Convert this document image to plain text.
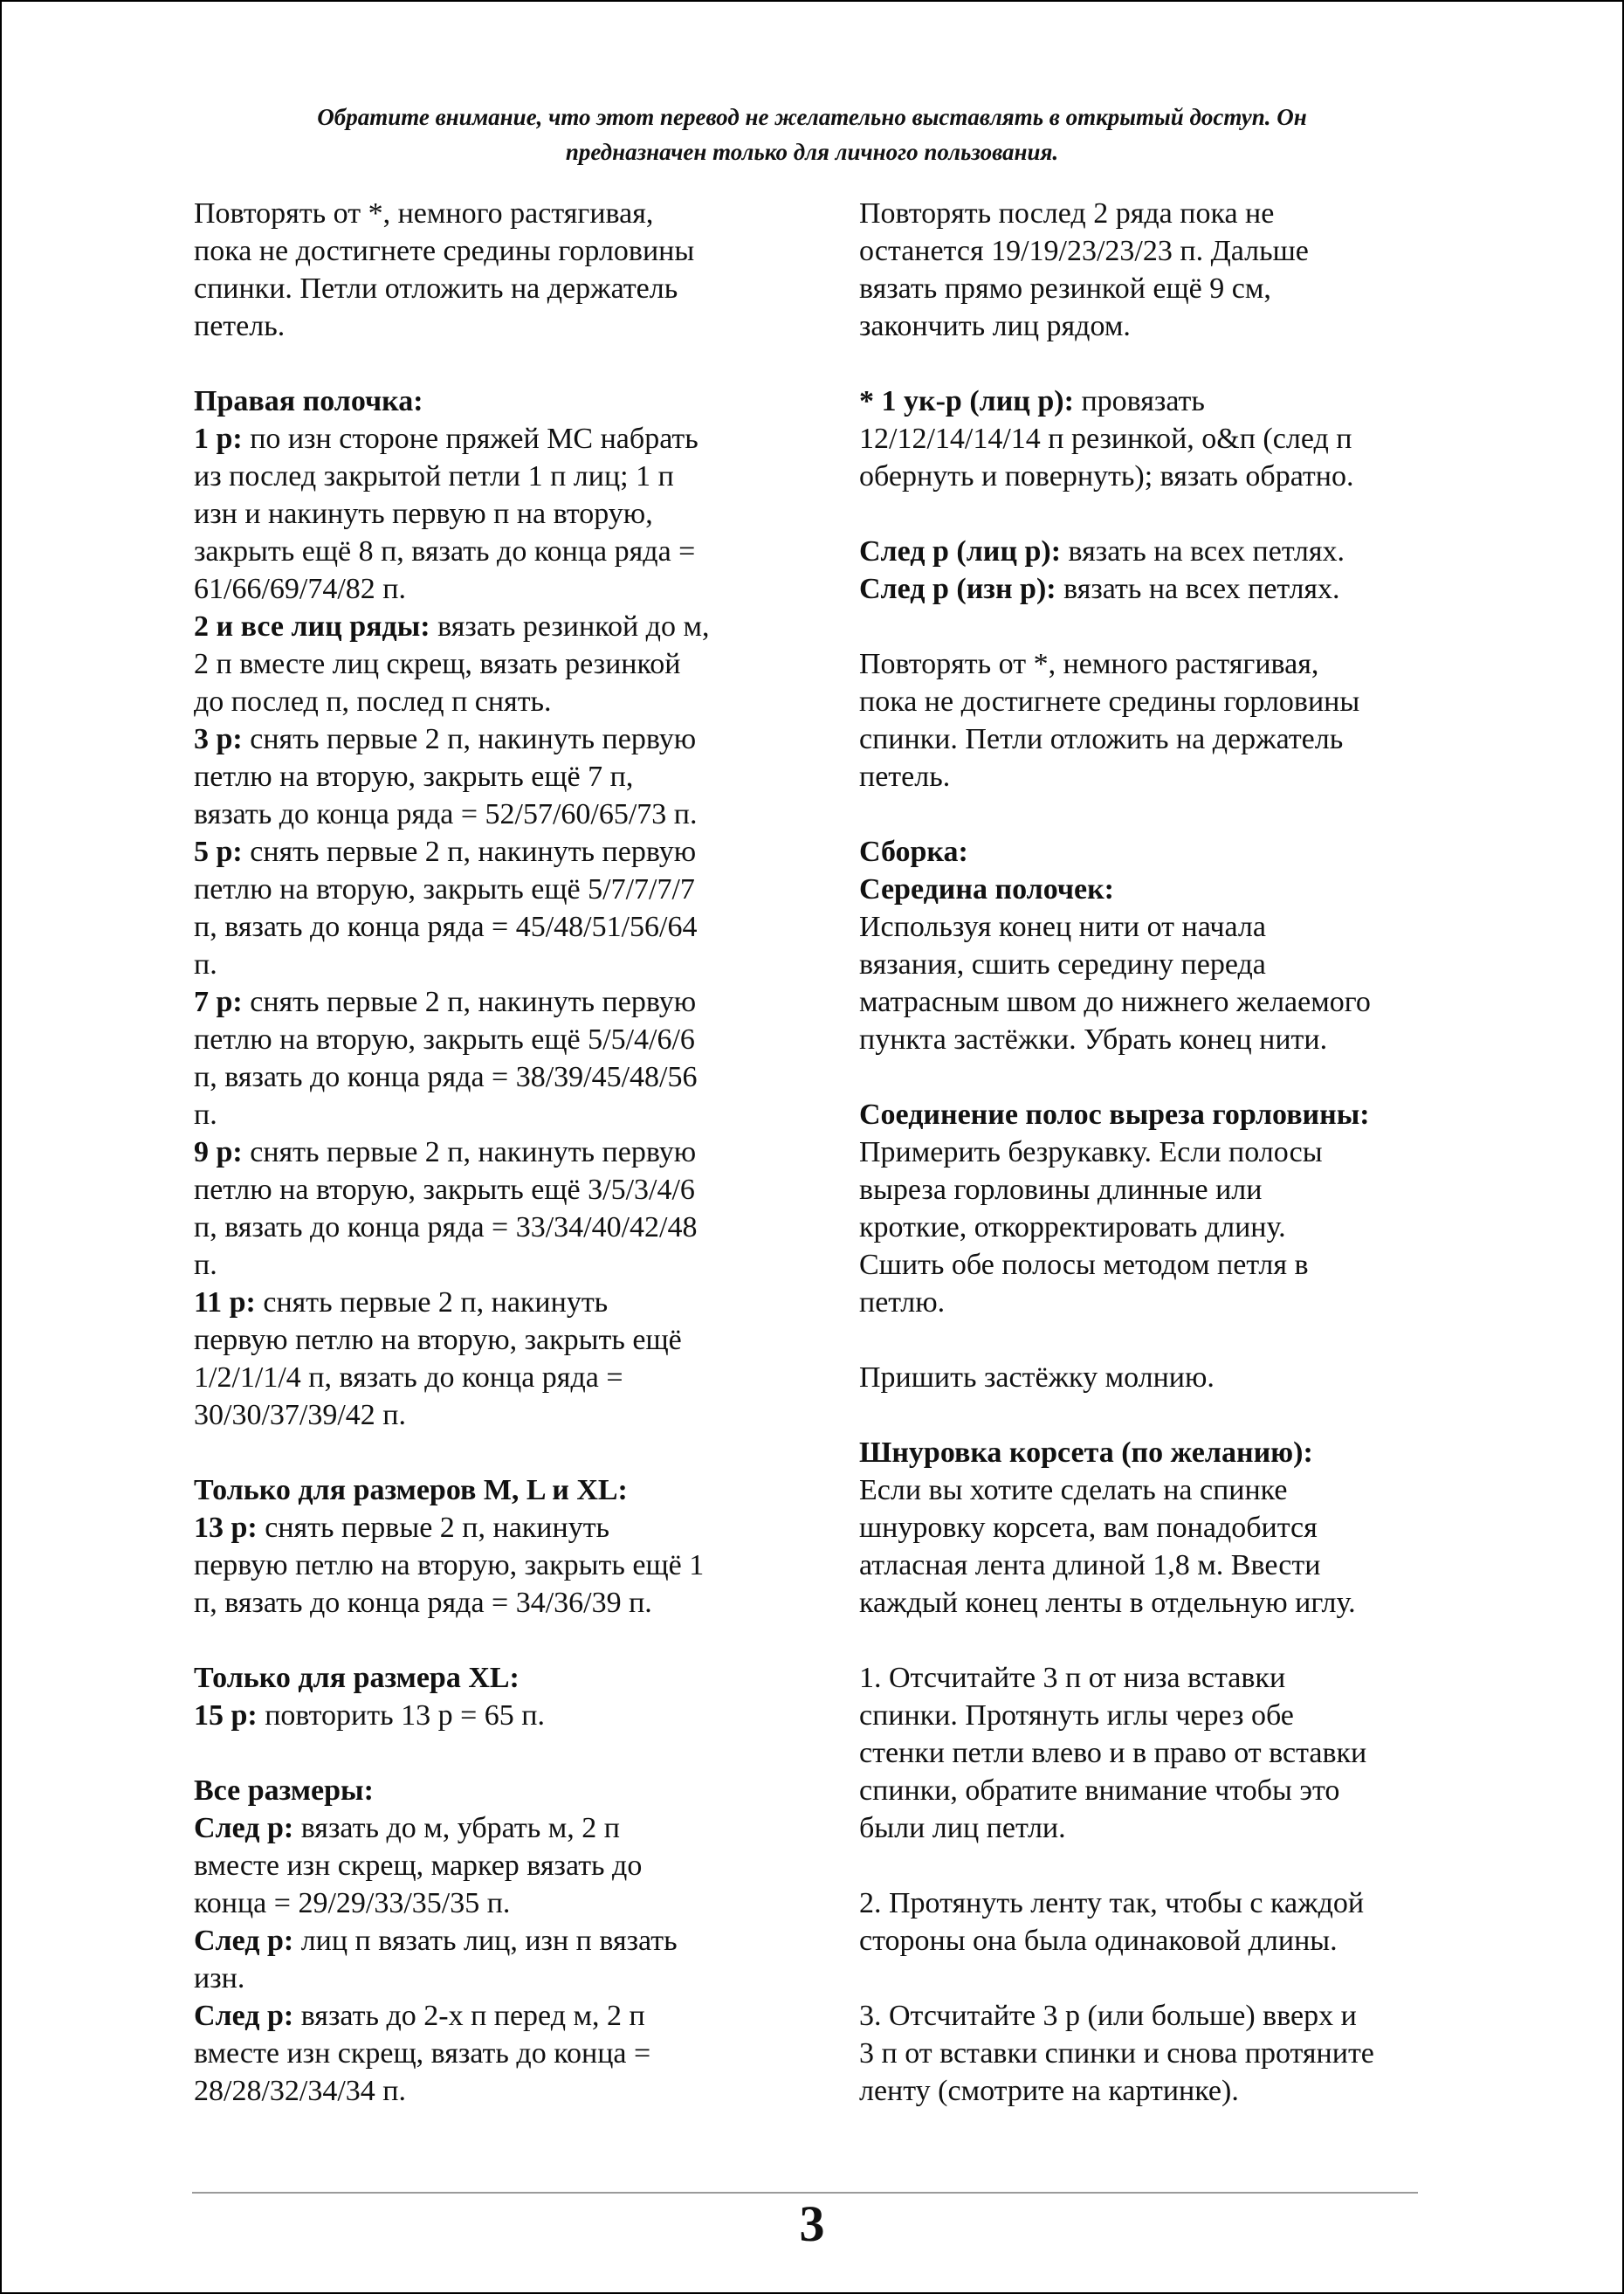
Обратите внимание, что этот перевод не желательно выставлять в открытый доступ. Он
предназначен только для личного пользования.
Повторять от *, немного растягивая,
пока не достигнете средины горловины
спинки. Петли отложить на держатель
петель.
Правая полочка:
1 р: по изн стороне пряжей МС набрать
из послед закрытой петли 1 п лиц; 1 п
изн и накинуть первую п на вторую,
закрыть ещё 8 п, вязать до конца ряда =
61/66/69/74/82 п.
2 и все лиц ряды: вязать резинкой до м,
2 п вместе лиц скрещ, вязать резинкой
до послед п, послед п снять.
3 р: снять первые 2 п, накинуть первую
петлю на вторую, закрыть ещё 7 п,
вязать до конца ряда = 52/57/60/65/73 п.
5 р: снять первые 2 п, накинуть первую
петлю на вторую, закрыть ещё 5/7/7/7/7
п, вязать до конца ряда = 45/48/51/56/64
п.
7 р: снять первые 2 п, накинуть первую
петлю на вторую, закрыть ещё 5/5/4/6/6
п, вязать до конца ряда = 38/39/45/48/56
п.
9 р: снять первые 2 п, накинуть первую
петлю на вторую, закрыть ещё 3/5/3/4/6
п, вязать до конца ряда = 33/34/40/42/48
п.
11 р: снять первые 2 п, накинуть
первую петлю на вторую, закрыть ещё
1/2/1/1/4 п, вязать до конца ряда =
30/30/37/39/42 п.
Только для размеров M, L и XL:
13 р: снять первые 2 п, накинуть
первую петлю на вторую, закрыть ещё 1
п, вязать до конца ряда = 34/36/39 п.
Только для размера XL:
15 р: повторить 13 р = 65 п.
Все размеры:
След р: вязать до м, убрать м, 2 п
вместе изн скрещ, маркер вязать до
конца = 29/29/33/35/35 п.
След р: лиц п вязать лиц, изн п вязать
изн.
След р: вязать до 2-х п перед м, 2 п
вместе изн скрещ, вязать до конца =
28/28/32/34/34 п.
Повторять послед 2 ряда пока не
останется 19/19/23/23/23 п. Дальше
вязать прямо резинкой ещё 9 см,
закончить лиц рядом.
* 1 ук-р (лиц р): провязать
12/12/14/14/14 п резинкой, о&п (след п
обернуть и повернуть); вязать обратно.
След р (лиц р): вязать на всех петлях.
След р (изн р): вязать на всех петлях.
Повторять от *, немного растягивая,
пока не достигнете средины горловины
спинки. Петли отложить на держатель
петель.
Сборка:
Середина полочек:
Используя конец нити от начала
вязания, сшить середину переда
матрасным швом до нижнего желаемого
пункта застёжки. Убрать конец нити.
Соединение полос выреза горловины:
Примерить безрукавку. Если полосы
выреза горловины длинные или
кроткие, откорректировать длину.
Сшить обе полосы методом петля в
петлю.
Пришить застёжку молнию.
Шнуровка корсета (по желанию):
Если вы хотите сделать на спинке
шнуровку корсета, вам понадобится
атласная лента длиной 1,8 м. Ввести
каждый конец ленты в отдельную иглу.
1. Отсчитайте 3 п от низа вставки
спинки. Протянуть иглы через обе
стенки петли влево и в право от вставки
спинки, обратите внимание чтобы это
были лиц петли.
2. Протянуть ленту так, чтобы с каждой
стороны она была одинаковой длины.
3. Отсчитайте 3 р (или больше) вверх и
3 п от вставки спинки и снова протяните
ленту (смотрите на картинке).
3
